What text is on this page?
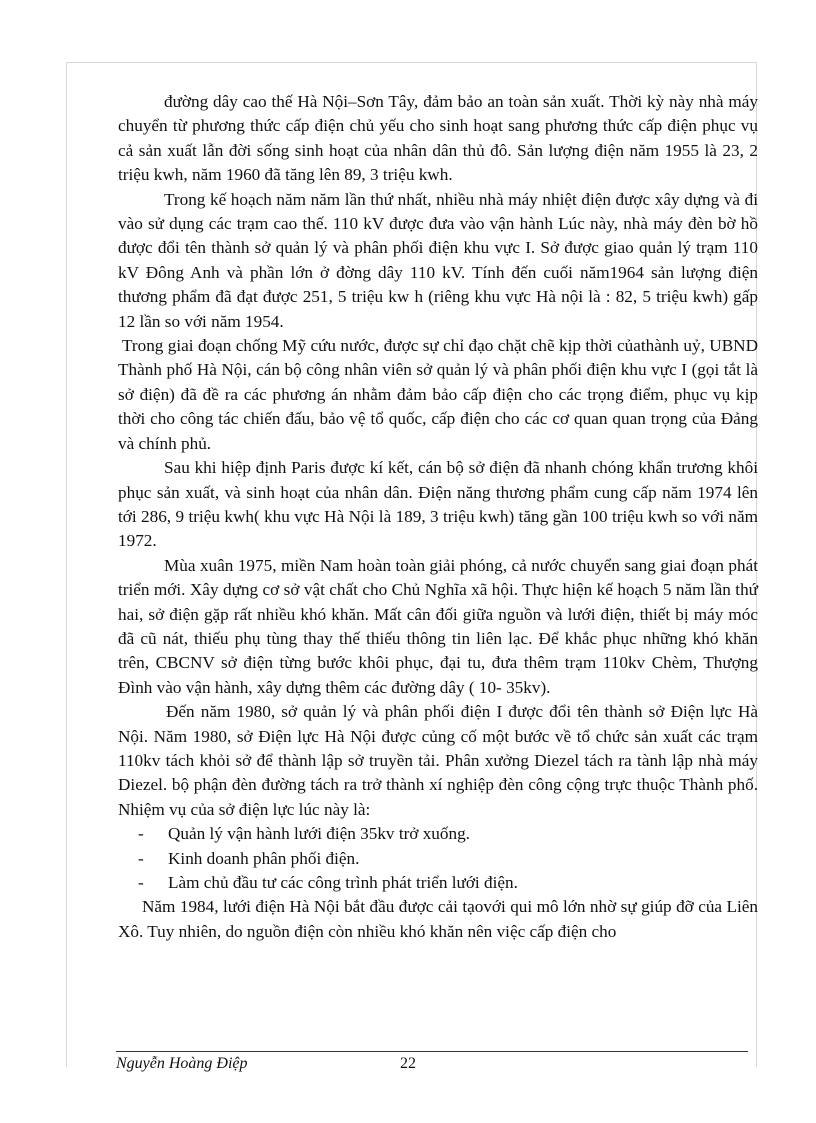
đường dây cao thế Hà Nội–Sơn Tây, đảm bảo an toàn sản xuất. Thời kỳ này nhà máy chuyển từ phương thức cấp điện chủ yếu cho sinh hoạt sang phương thức cấp điện phục vụ cả sản xuất lẫn đời sống sinh hoạt của nhân dân thủ đô. Sản lượng điện năm 1955 là 23, 2 triệu kwh, năm 1960 đã tăng lên 89, 3 triệu kwh.

Trong kế hoạch năm năm lần thứ nhất, nhiều nhà máy nhiệt điện được xây dựng và đi vào sử dụng các trạm cao thế. 110 kV được đưa vào vận hành Lúc này, nhà máy đèn bờ hồ được đổi tên thành sở quản lý và phân phối điện khu vực I. Sở được giao quản lý trạm 110 kV Đông Anh và phần lớn ở đờng dây 110 kV. Tính đến cuối năm1964 sản lượng điện thương phẩm đã đạt được 251, 5 triệu kw h (riêng khu vực Hà nội là : 82, 5 triệu kwh) gấp 12 lần so với năm 1954.

Trong giai đoạn chống Mỹ cứu nước, được sự chỉ đạo chặt chẽ kịp thời củathành uỷ, UBND Thành phố Hà Nội, cán bộ công nhân viên sở quản lý và phân phối điện khu vực I (gọi tắt là sở điện) đã đề ra các phương án nhằm đảm bảo cấp điện cho các trọng điểm, phục vụ kịp thời cho công tác chiến đấu, bảo vệ tổ quốc, cấp điện cho các cơ quan quan trọng của Đảng và chính phủ.

Sau khi hiệp định Paris được kí kết, cán bộ sở điện đã nhanh chóng khẩn trương khôi phục sản xuất, và sinh hoạt của nhân dân. Điện năng thương phẩm cung cấp năm 1974 lên tới 286, 9 triệu kwh( khu vực Hà Nội là 189, 3 triệu kwh) tăng gần 100 triệu kwh so với năm 1972.

Mùa xuân 1975, miền Nam hoàn toàn giải phóng, cả nước chuyển sang giai đoạn phát triển mới. Xây dựng cơ sở vật chất cho Chủ Nghĩa xã hội. Thực hiện kế hoạch 5 năm lần thứ hai, sở điện gặp rất nhiều khó khăn. Mất cân đối giữa nguồn và lưới điện, thiết bị máy móc đã cũ nát, thiếu phụ tùng thay thế thiếu thông tin liên lạc. Để khắc phục những khó khăn trên, CBCNV sở điện từng bước khôi phục, đại tu, đưa thêm trạm 110kv Chèm, Thượng Đình vào vận hành, xây dựng thêm các đường dây ( 10- 35kv).

Đến năm 1980, sở quản lý và phân phối điện I được đổi tên thành sở Điện lực Hà Nội. Năm 1980, sở Điện lực Hà Nội được củng cố một bước về tổ chức sản xuất các trạm 110kv tách khỏi sở để thành lập sở truyền tải. Phân xưởng Diezel tách ra tành lập nhà máy Diezel. bộ phận đèn đường tách ra trở thành xí nghiệp đèn công cộng trực thuộc Thành phố. Nhiệm vụ của sở điện lực lúc này là:

- Quản lý vận hành lưới điện 35kv trở xuống.
- Kinh doanh phân phối điện.
- Làm chủ đầu tư các công trình phát triển lưới điện.

Năm 1984, lưới điện Hà Nội bắt đầu được cải tạovới qui mô lớn nhờ sự giúp đỡ của Liên Xô. Tuy nhiên, do nguồn điện còn nhiều khó khăn nên việc cấp điện cho

Nguyễn Hoàng Điệp	22
